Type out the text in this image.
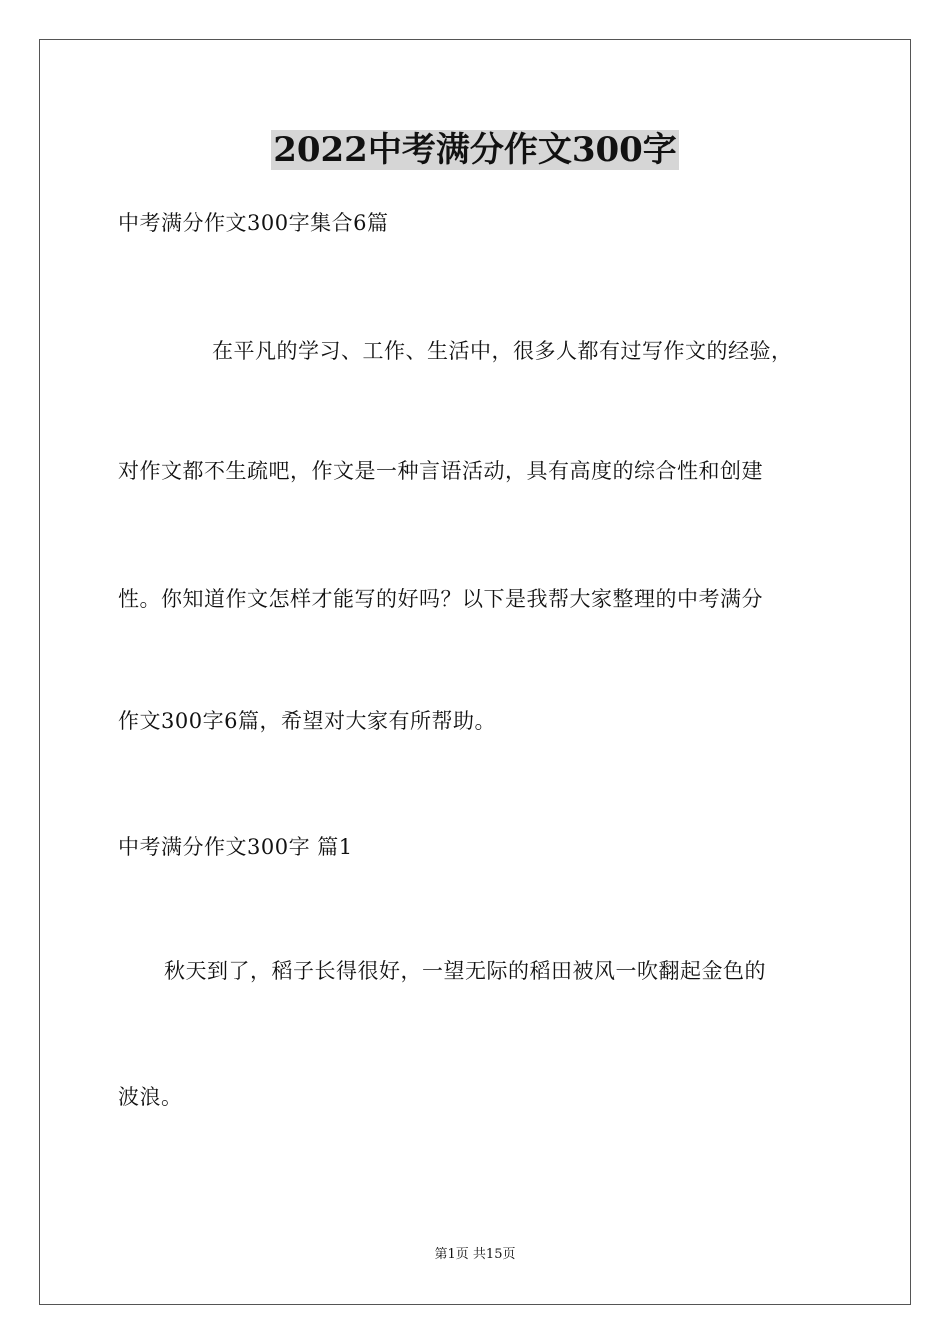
2022中考满分作文300字
中考满分作文300字集合6篇
在平凡的学习、工作、生活中，很多人都有过写作文的经验，
对作文都不生疏吧，作文是一种言语活动，具有高度的综合性和创建
性。你知道作文怎样才能写的好吗？以下是我帮大家整理的中考满分
作文300字6篇，希望对大家有所帮助。
中考满分作文300字 篇1
秋天到了，稻子长得很好，一望无际的稻田被风一吹翻起金色的
波浪。
第1页 共15页
